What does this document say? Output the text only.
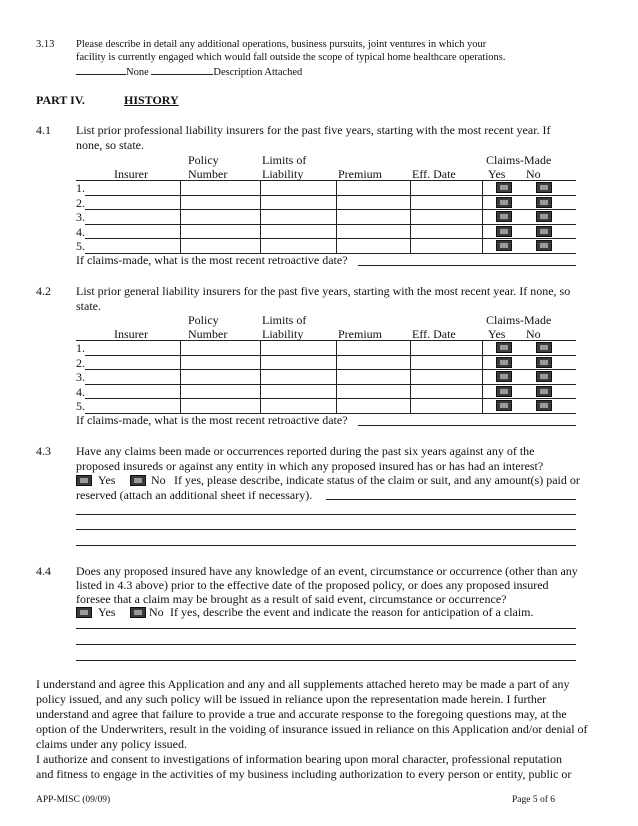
3.13 Please describe in detail any additional operations, business pursuits, joint ventures in which your
facility is currently engaged which would fall outside the scope of typical home healthcare operations.
None	Description Attached
PART IV.	HISTORY
4.1 List prior professional liability insurers for the past five years, starting with the most recent year. If
none, so state.
Policy	Limits of	Claims-Made
Insurer	Number	Liability	Premium	Eff. Date	Yes No
1.
2.
3.
4.
5.
If claims-made, what is the most recent retroactive date?
4.2 List prior general liability insurers for the past five years, starting with the most recent year. If none, so
state.
Policy	Limits of	Claims-Made
Insurer	Number	Liability	Premium	Eff. Date	Yes No
1.
2.
3.
4.
5.
If claims-made, what is the most recent retroactive date?
4.3 Have any claims been made or occurrences reported during the past six years against any of the
proposed insureds or against any entity in which any proposed insured has or has had an interest?
Yes	No If yes, please describe, indicate status of the claim or suit, and any amount(s) paid or
reserved (attach an additional sheet if necessary).
4.4 Does any proposed insured have any knowledge of an event, circumstance or occurrence (other than any
listed in 4.3 above) prior to the effective date of the proposed policy, or does any proposed insured
foresee that a claim may be brought as a result of said event, circumstance or occurrence?
Yes	No If yes, describe the event and indicate the reason for anticipation of a claim.
I understand and agree this Application and any and all supplements attached hereto may be made a part of any
policy issued, and any such policy will be issued in reliance upon the representation made herein. I further
understand and agree that failure to provide a true and accurate response to the foregoing questions may, at the
option of the Underwriters, result in the voiding of insurance issued in reliance on this Application and/or denial of
claims under any policy issued.
I authorize and consent to investigations of information bearing upon moral character, professional reputation
and fitness to engage in the activities of my business including authorization to every person or entity, public or
APP-MISC (09/09)	Page 5 of 6
